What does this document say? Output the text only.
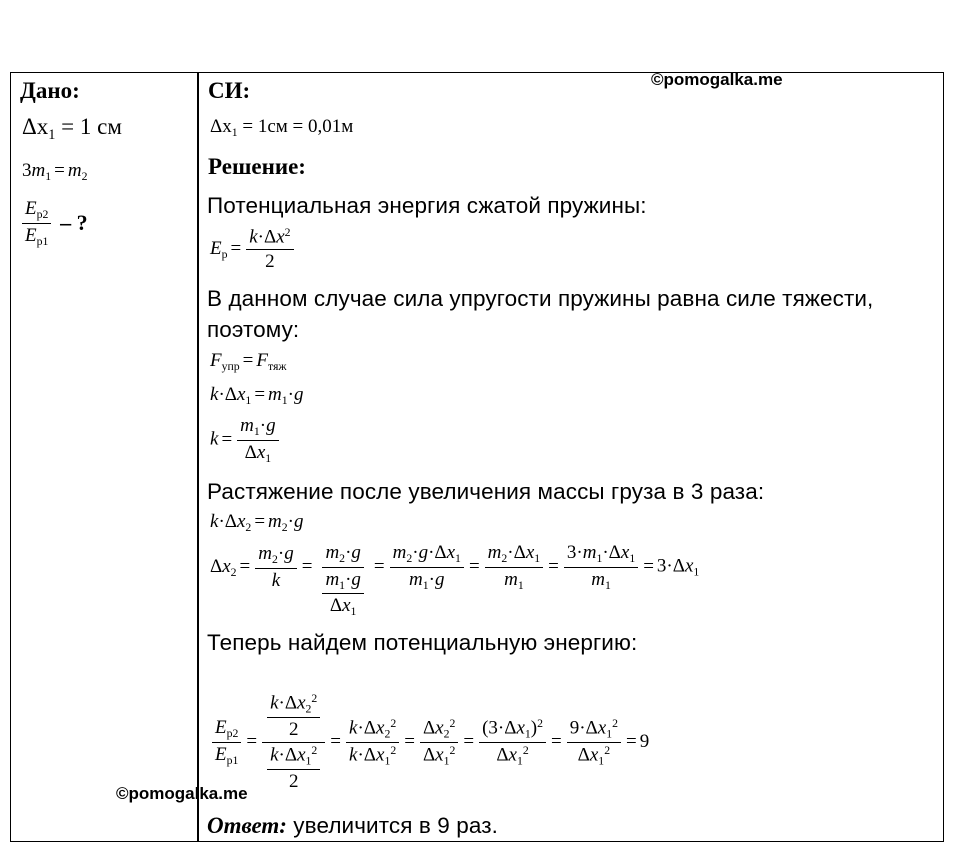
©pomogalka.me
©pomogalka.me
Дано:
$\Delta x_1 = 1$ см
$3m_1 = m_2$
$\frac{E_{p2}}{E_{p1}}$ – ?
СИ:
$\Delta x_1 = 1см = 0,01м$
Решение:
Потенциальная энергия сжатой пружины:
$E_p = \frac{k\cdot\Delta x^2}{2}$
В данном случае сила упругости пружины равна силе тяжести,
поэтому:
$F_{упр} = F_{тяж}$
$k\cdot\Delta x_1 = m_1\cdot g$
$k = \frac{m_1\cdot g}{\Delta x_1}$
Растяжение после увеличения массы груза в 3 раза:
$k\cdot\Delta x_2 = m_2\cdot g$
$\Delta x_2 = \frac{m_2\cdot g}{k} = \frac{m_2\cdot g}{\frac{m_1\cdot g}{\Delta x_1}} = \frac{m_2\cdot g\cdot\Delta x_1}{m_1\cdot g} = \frac{m_2\cdot\Delta x_1}{m_1} = \frac{3\cdot m_1\cdot\Delta x_1}{m_1} = 3\cdot\Delta x_1$
Теперь найдем потенциальную энергию:
$\frac{E_{p2}}{E_{p1}} = \frac{\frac{k\cdot\Delta x_2^2}{2}}{\frac{k\cdot\Delta x_1^2}{2}} = \frac{k\cdot\Delta x_2^2}{k\cdot\Delta x_1^2} = \frac{\Delta x_2^2}{\Delta x_1^2} = \frac{(3\cdot\Delta x_1)^2}{\Delta x_1^2} = \frac{9\cdot\Delta x_1^2}{\Delta x_1^2} = 9$
Ответ: увеличится в 9 раз.
